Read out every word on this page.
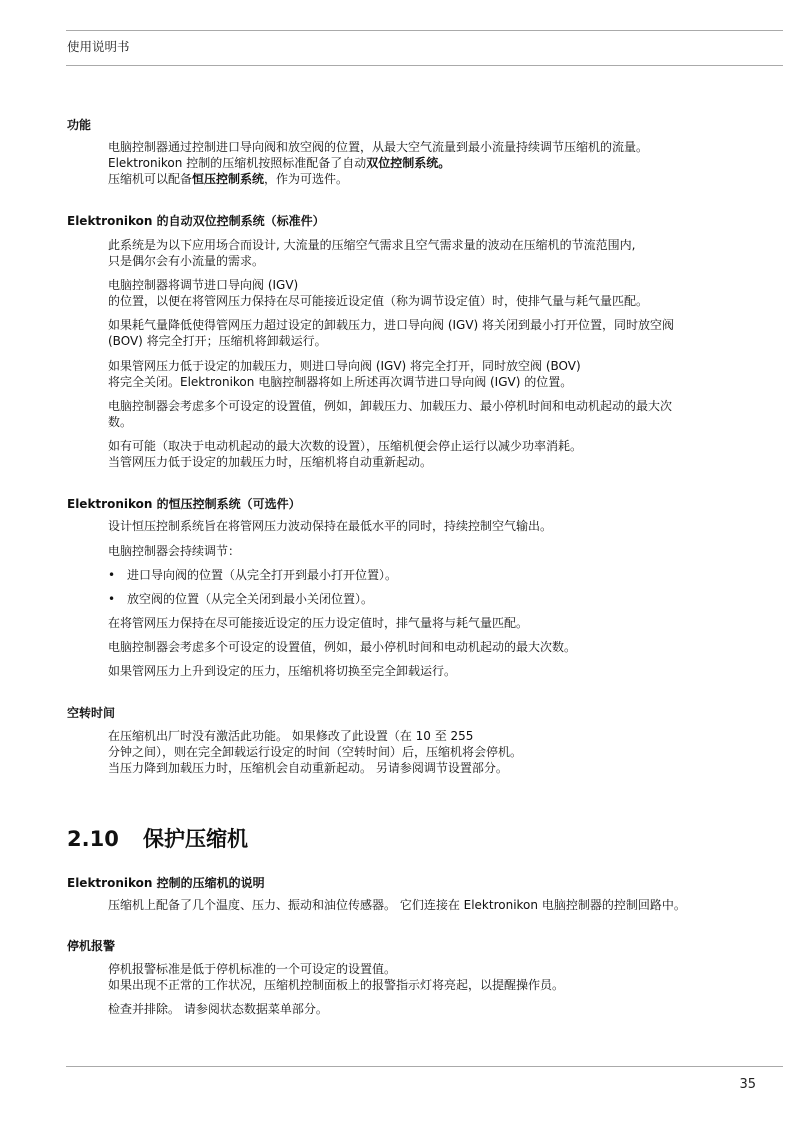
使用说明书
功能
电脑控制器通过控制进口导向阀和放空阀的位置，从最大空气流量到最小流量持续调节压缩机的流量。
Elektronikon 控制的压缩机按照标准配备了自动双位控制系统。
压缩机可以配备恒压控制系统，作为可选件。
Elektronikon 的自动双位控制系统（标准件）
此系统是为以下应用场合而设计, 大流量的压缩空气需求且空气需求量的波动在压缩机的节流范围内,
只是偶尔会有小流量的需求。
电脑控制器将调节进口导向阀 (IGV)
的位置，以便在将管网压力保持在尽可能接近设定值（称为调节设定值）时，使排气量与耗气量匹配。
如果耗气量降低使得管网压力超过设定的卸载压力，进口导向阀 (IGV) 将关闭到最小打开位置，同时放空阀
(BOV) 将完全打开；压缩机将卸载运行。
如果管网压力低于设定的加载压力，则进口导向阀 (IGV) 将完全打开，同时放空阀 (BOV)
将完全关闭。Elektronikon 电脑控制器将如上所述再次调节进口导向阀 (IGV) 的位置。
电脑控制器会考虑多个可设定的设置值，例如，卸载压力、加载压力、最小停机时间和电动机起动的最大次
数。
如有可能（取决于电动机起动的最大次数的设置），压缩机便会停止运行以减少功率消耗。
当管网压力低于设定的加载压力时，压缩机将自动重新起动。
Elektronikon 的恒压控制系统（可选件）
设计恒压控制系统旨在将管网压力波动保持在最低水平的同时，持续控制空气输出。
电脑控制器会持续调节：
• 进口导向阀的位置（从完全打开到最小打开位置）。
• 放空阀的位置（从完全关闭到最小关闭位置）。
在将管网压力保持在尽可能接近设定的压力设定值时，排气量将与耗气量匹配。
电脑控制器会考虑多个可设定的设置值，例如，最小停机时间和电动机起动的最大次数。
如果管网压力上升到设定的压力，压缩机将切换至完全卸载运行。
空转时间
在压缩机出厂时没有激活此功能。 如果修改了此设置（在 10 至 255
分钟之间），则在完全卸载运行设定的时间（空转时间）后，压缩机将会停机。
当压力降到加载压力时，压缩机会自动重新起动。 另请参阅调节设置部分。
2.10 保护压缩机
Elektronikon 控制的压缩机的说明
压缩机上配备了几个温度、压力、振动和油位传感器。 它们连接在 Elektronikon 电脑控制器的控制回路中。
停机报警
停机报警标准是低于停机标准的一个可设定的设置值。
如果出现不正常的工作状况，压缩机控制面板上的报警指示灯将亮起，以提醒操作员。
检查并排除。 请参阅状态数据菜单部分。
35
